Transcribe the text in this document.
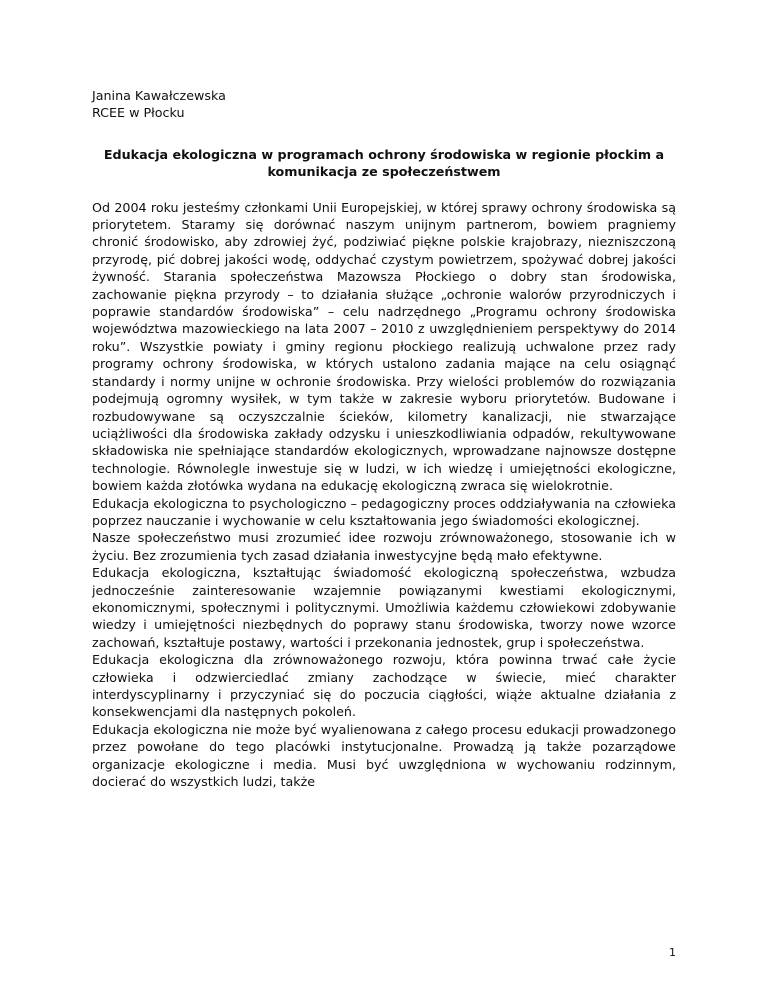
Janina Kawałczewska

RCEE w Płocku

Edukacja ekologiczna w programach ochrony środowiska w regionie płockim a komunikacja ze społeczeństwem

Od 2004 roku jesteśmy członkami Unii Europejskiej, w której sprawy ochrony środowiska są priorytetem. Staramy się dorównać naszym unijnym partnerom, bowiem pragniemy chronić środowisko, aby zdrowiej żyć, podziwiać piękne polskie krajobrazy, niezniszczoną przyrodę, pić dobrej jakości wodę, oddychać czystym powietrzem, spożywać dobrej jakości żywność. Starania społeczeństwa Mazowsza Płockiego o dobry stan środowiska, zachowanie piękna przyrody – to działania służące „ochronie walorów przyrodniczych i poprawie standardów środowiska” – celu nadrzędnego „Programu ochrony środowiska województwa mazowieckiego na lata 2007 – 2010 z uwzględnieniem perspektywy do 2014 roku”. Wszystkie powiaty i gminy regionu płockiego realizują uchwalone przez rady programy ochrony środowiska, w których ustalono zadania mające na celu osiągnąć standardy i normy unijne w ochronie środowiska. Przy wielości problemów do rozwiązania podejmują ogromny wysiłek, w tym także w zakresie wyboru priorytetów. Budowane i rozbudowywane są oczyszczalnie ścieków, kilometry kanalizacji, nie stwarzające uciążliwości dla środowiska zakłady odzysku i unieszkodliwiania odpadów, rekultywowane składowiska nie spełniające standardów ekologicznych, wprowadzane najnowsze dostępne technologie. Równolegle inwestuje się w ludzi, w ich wiedzę i umiejętności ekologiczne, bowiem każda złotówka wydana na edukację ekologiczną zwraca się wielokrotnie.

Edukacja ekologiczna to psychologiczno – pedagogiczny proces oddziaływania na człowieka poprzez nauczanie i wychowanie w celu kształtowania jego świadomości ekologicznej.

Nasze społeczeństwo musi zrozumieć idee rozwoju zrównoważonego, stosowanie ich w życiu. Bez zrozumienia tych zasad działania inwestycyjne będą mało efektywne.

Edukacja ekologiczna, kształtując świadomość ekologiczną społeczeństwa, wzbudza jednocześnie zainteresowanie wzajemnie powiązanymi kwestiami ekologicznymi, ekonomicznymi, społecznymi i politycznymi. Umożliwia każdemu człowiekowi zdobywanie wiedzy i umiejętności niezbędnych do poprawy stanu środowiska, tworzy nowe wzorce zachowań, kształtuje postawy, wartości i przekonania jednostek, grup i społeczeństwa.

Edukacja ekologiczna dla zrównoważonego rozwoju, która powinna trwać całe życie człowieka i odzwierciedlać zmiany zachodzące w świecie, mieć charakter interdyscyplinarny i przyczyniać się do poczucia ciągłości, wiąże aktualne działania z konsekwencjami dla następnych pokoleń.

Edukacja ekologiczna nie może być wyalienowana z całego procesu edukacji prowadzonego przez powołane do tego placówki instytucjonalne. Prowadzą ją także pozarządowe organizacje ekologiczne i media. Musi być uwzględniona w wychowaniu rodzinnym, docierać do wszystkich ludzi, także

1
